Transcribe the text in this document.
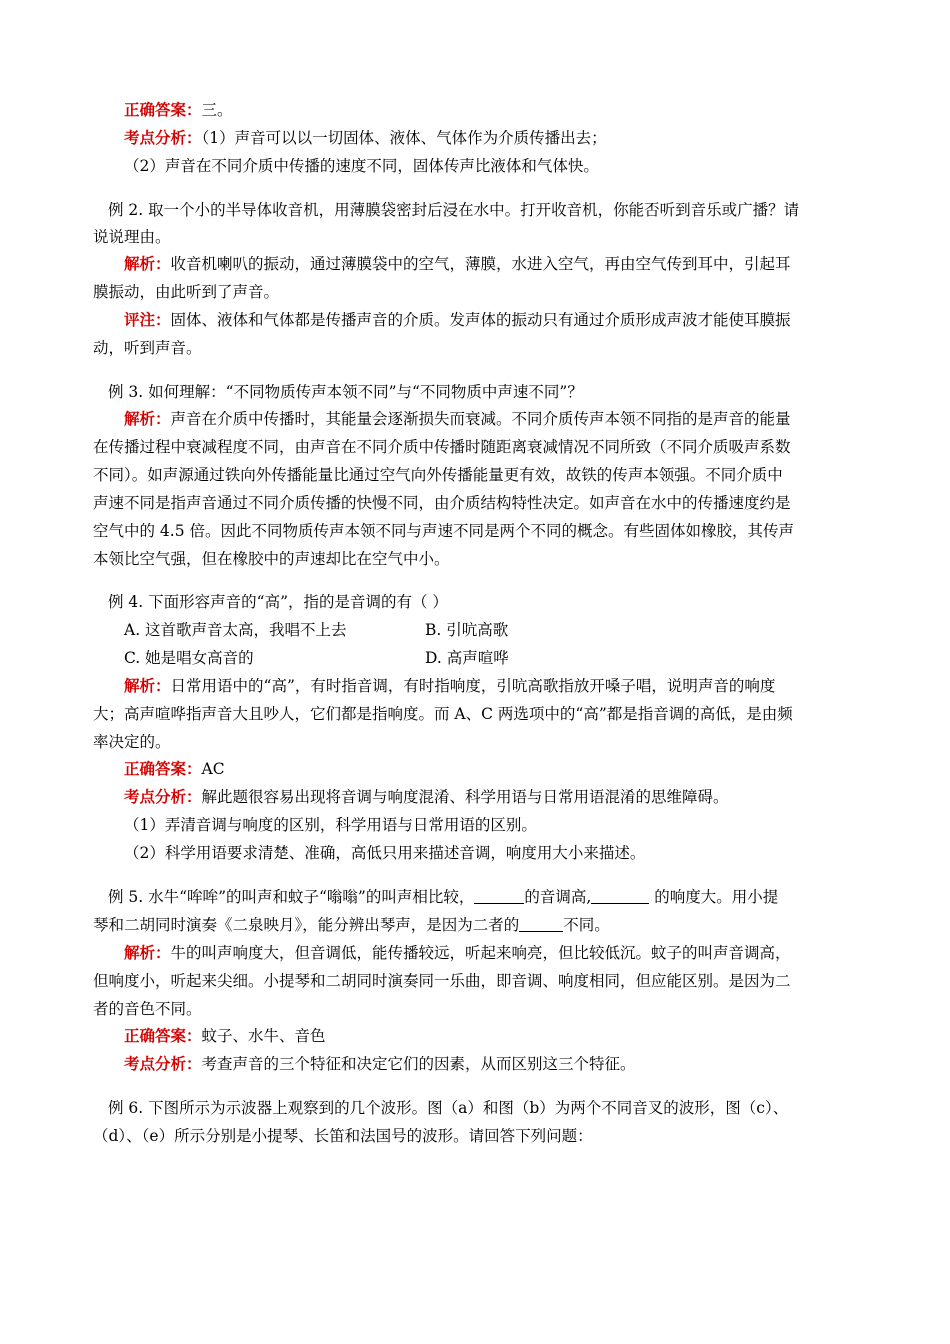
正确答案：三。
考点分析：（1）声音可以以一切固体、液体、气体作为介质传播出去；
（2）声音在不同介质中传播的速度不同，固体传声比液体和气体快。
例 2. 取一个小的半导体收音机，用薄膜袋密封后浸在水中。打开收音机，你能否听到音乐或广播？请
说说理由。
解析：收音机喇叭的振动，通过薄膜袋中的空气，薄膜，水进入空气，再由空气传到耳中，引起耳
膜振动，由此听到了声音。
评注：固体、液体和气体都是传播声音的介质。发声体的振动只有通过介质形成声波才能使耳膜振
动，听到声音。
例 3. 如何理解：“不同物质传声本领不同”与“不同物质中声速不同”？
解析：声音在介质中传播时，其能量会逐渐损失而衰减。不同介质传声本领不同指的是声音的能量
在传播过程中衰减程度不同，由声音在不同介质中传播时随距离衰减情况不同所致（不同介质吸声系数
不同）。如声源通过铁向外传播能量比通过空气向外传播能量更有效，故铁的传声本领强。不同介质中
声速不同是指声音通过不同介质传播的快慢不同，由介质结构特性决定。如声音在水中的传播速度约是
空气中的 4.5 倍。因此不同物质传声本领不同与声速不同是两个不同的概念。有些固体如橡胶，其传声
本领比空气强，但在橡胶中的声速却比在空气中小。
例 4. 下面形容声音的“高”，指的是音调的有（ ）
A. 这首歌声音太高，我唱不上去	B. 引吭高歌
C. 她是唱女高音的	D. 高声喧哗
解析：日常用语中的“高”，有时指音调，有时指响度，引吭高歌指放开嗓子唱，说明声音的响度
大；高声喧哗指声音大且吵人，它们都是指响度。而 A、C 两选项中的“高”都是指音调的高低，是由频
率决定的。
正确答案：AC
考点分析：解此题很容易出现将音调与响度混淆、科学用语与日常用语混淆的思维障碍。
（1）弄清音调与响度的区别，科学用语与日常用语的区别。
（2）科学用语要求清楚、准确，高低只用来描述音调，响度用大小来描述。
例 5. 水牛“哞哞”的叫声和蚊子“嗡嗡”的叫声相比较，	的音调高,	的响度大。用小提
琴和二胡同时演奏《二泉映月》，能分辨出琴声，是因为二者的	不同。
解析：牛的叫声响度大，但音调低，能传播较远，听起来响亮，但比较低沉。蚊子的叫声音调高，
但响度小，听起来尖细。小提琴和二胡同时演奏同一乐曲，即音调、响度相同，但应能区别。是因为二
者的音色不同。
正确答案：蚊子、水牛、音色
考点分析：考查声音的三个特征和决定它们的因素，从而区别这三个特征。
例 6. 下图所示为示波器上观察到的几个波形。图（a）和图（b）为两个不同音叉的波形，图（c）、
（d）、（e）所示分别是小提琴、长笛和法国号的波形。请回答下列问题：
